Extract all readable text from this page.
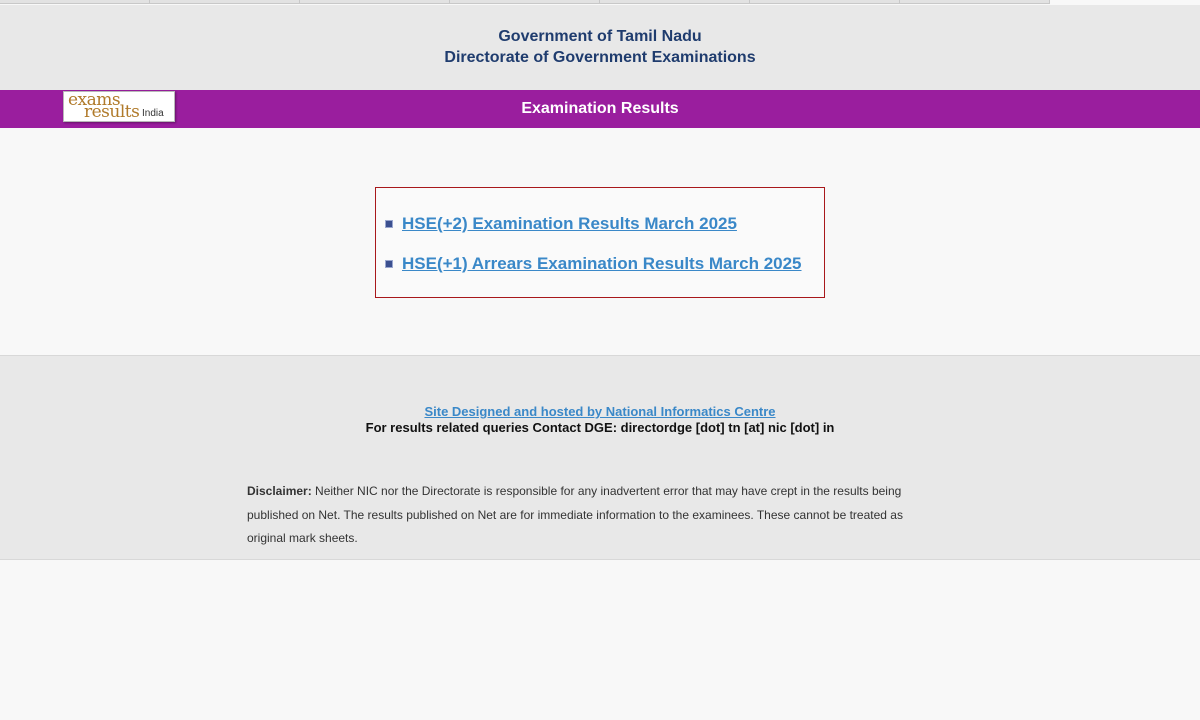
Government of Tamil Nadu
Directorate of Government Examinations
exams
results India	Examination Results
HSE(+2) Examination Results March 2025
HSE(+1) Arrears Examination Results March 2025
Site Designed and hosted by National Informatics Centre
For results related queries Contact DGE: directordge [dot] tn [at] nic [dot] in
Disclaimer: Neither NIC nor the Directorate is responsible for any inadvertent error that may have crept in the results being published on Net. The results published on Net are for immediate information to the examinees. These cannot be treated as original mark sheets.
